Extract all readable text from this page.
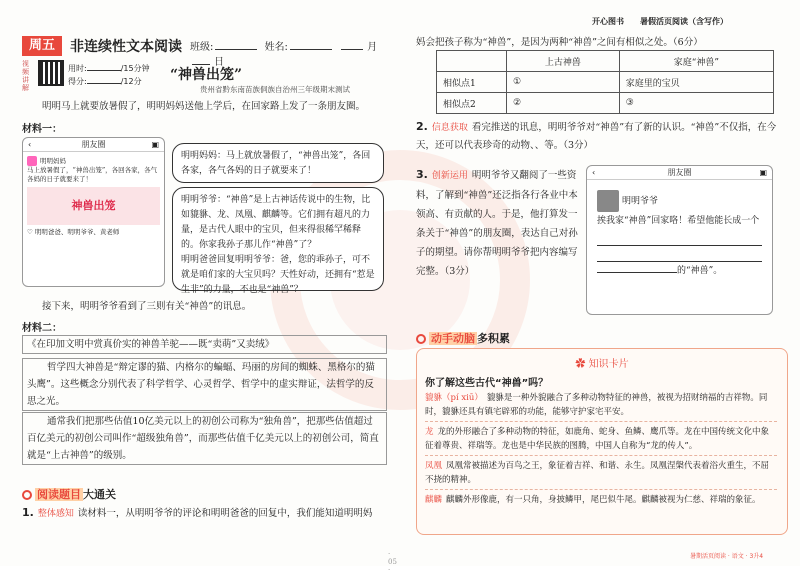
周五	非连续性文本阅读 班级:	姓名:	月日
视频讲解
用时:	/15分钟
得分:	/12分	“神兽出笼”
贵州省黔东南苗族侗族自治州三年级期末测试
明明马上就要放暑假了，明明妈妈送他上学后，在回家路上发了一条朋友圈。
材料一：
‹	朋友圈	▣
明明妈妈
马上放暑假了，“神兽出笼”，各回各家，各气各妈的日子就要来了！
神兽出笼
♡ 明明爸爸、明明爷爷、黄老师
明明妈妈：马上就放暑假了，“神兽出笼”，各回各家，各气各妈的日子就要来了！
明明爷爷：“神兽”是上古神话传说中的生物，比如貔貅、龙、凤凰、麒麟等。它们拥有超凡的力量，是古代人眼中的宝贝，但来得很稀罕稀释的。你家我孙子那儿作“神兽”了？
明明爸爸回复明明爷爷：爸，您的乖孙子，可不就是咱们家的大宝贝吗？天性好动，还拥有“惹是生非”的力量，不也是“神兽”？
接下来，明明爷爷看到了三则有关“神兽”的讯息。
材料二：
《在印加文明中赏真价实的神兽羊驼——既“卖萌”又卖绒》
哲学四大神兽是“辩定谬的猫、内格尔的蝙蝠、玛丽的房间的蜘蛛、黑格尔的猫头鹰”。这些概念分别代表了科学哲学、心灵哲学、哲学中的虚实辩证，法哲学的反思之光。
通常我们把那些估值10亿美元以上的初创公司称为“独角兽”，把那些估值超过百亿美元的初创公司叫作“超级独角兽”，而那些估值千亿美元以上的初创公司，简直就是“上古神兽”的级别。
阅读题目 大通关
1. 整体感知 读材料一，从明明爷爷的评论和明明爸爸的回复中，我们能知道明明妈
· 05 ·
开心图书 暑假活页阅读（含写作）
妈会把孩子称为“神兽”，是因为两种“神兽”之间有相似之处。（6分）
	上古神兽	家庭“神兽”
相似点1	①	家庭里的宝贝
相似点2	②	③
2. 信息获取 看完推送的讯息，明明爷爷对“神兽”有了新的认识。“神兽”不仅指，在今天，还可以代表珍奇的动物、、等。（3分）
3. 创新运用 明明爷爷又翻阅了一些资料，了解到“神兽”还泛指各行各业中本领高、有贡献的人。于是，他打算发一条关于“神兽”的朋友圈，表达自己对孙子的期望。请你帮明明爷爷把内容编写完整。（3分）
‹	朋友圈	▣
明明爷爷
挨我家“神兽”回家咯！希望他能长成一个
的“神兽”。
动手动脑 多积累
✿ 知识卡片
你了解这些古代“神兽”吗？
貔貅（pí xiū） 貔貅是一种外貌融合了多种动物特征的神兽，被视为招财纳福的吉祥物。同时，貔貅还具有镇宅辟邪的功能，能够守护家宅平安。
龙 龙的外形融合了多种动物的特征，如鹿角、蛇身、鱼鳞、鹰爪等。龙在中国传统文化中象征着尊贵、祥瑞等。龙也是中华民族的图腾，中国人自称为“龙的传人”。
凤凰 凤凰常被描述为百鸟之王，象征着吉祥、和谐、永生。凤凰涅槃代表着浴火重生，不屈不挠的精神。
麒麟 麒麟外形像鹿，有一只角，身披鳞甲，尾巴似牛尾。麒麟被视为仁慈、祥瑞的象征。
暑期活页阅读 · 语文 · 3升4
